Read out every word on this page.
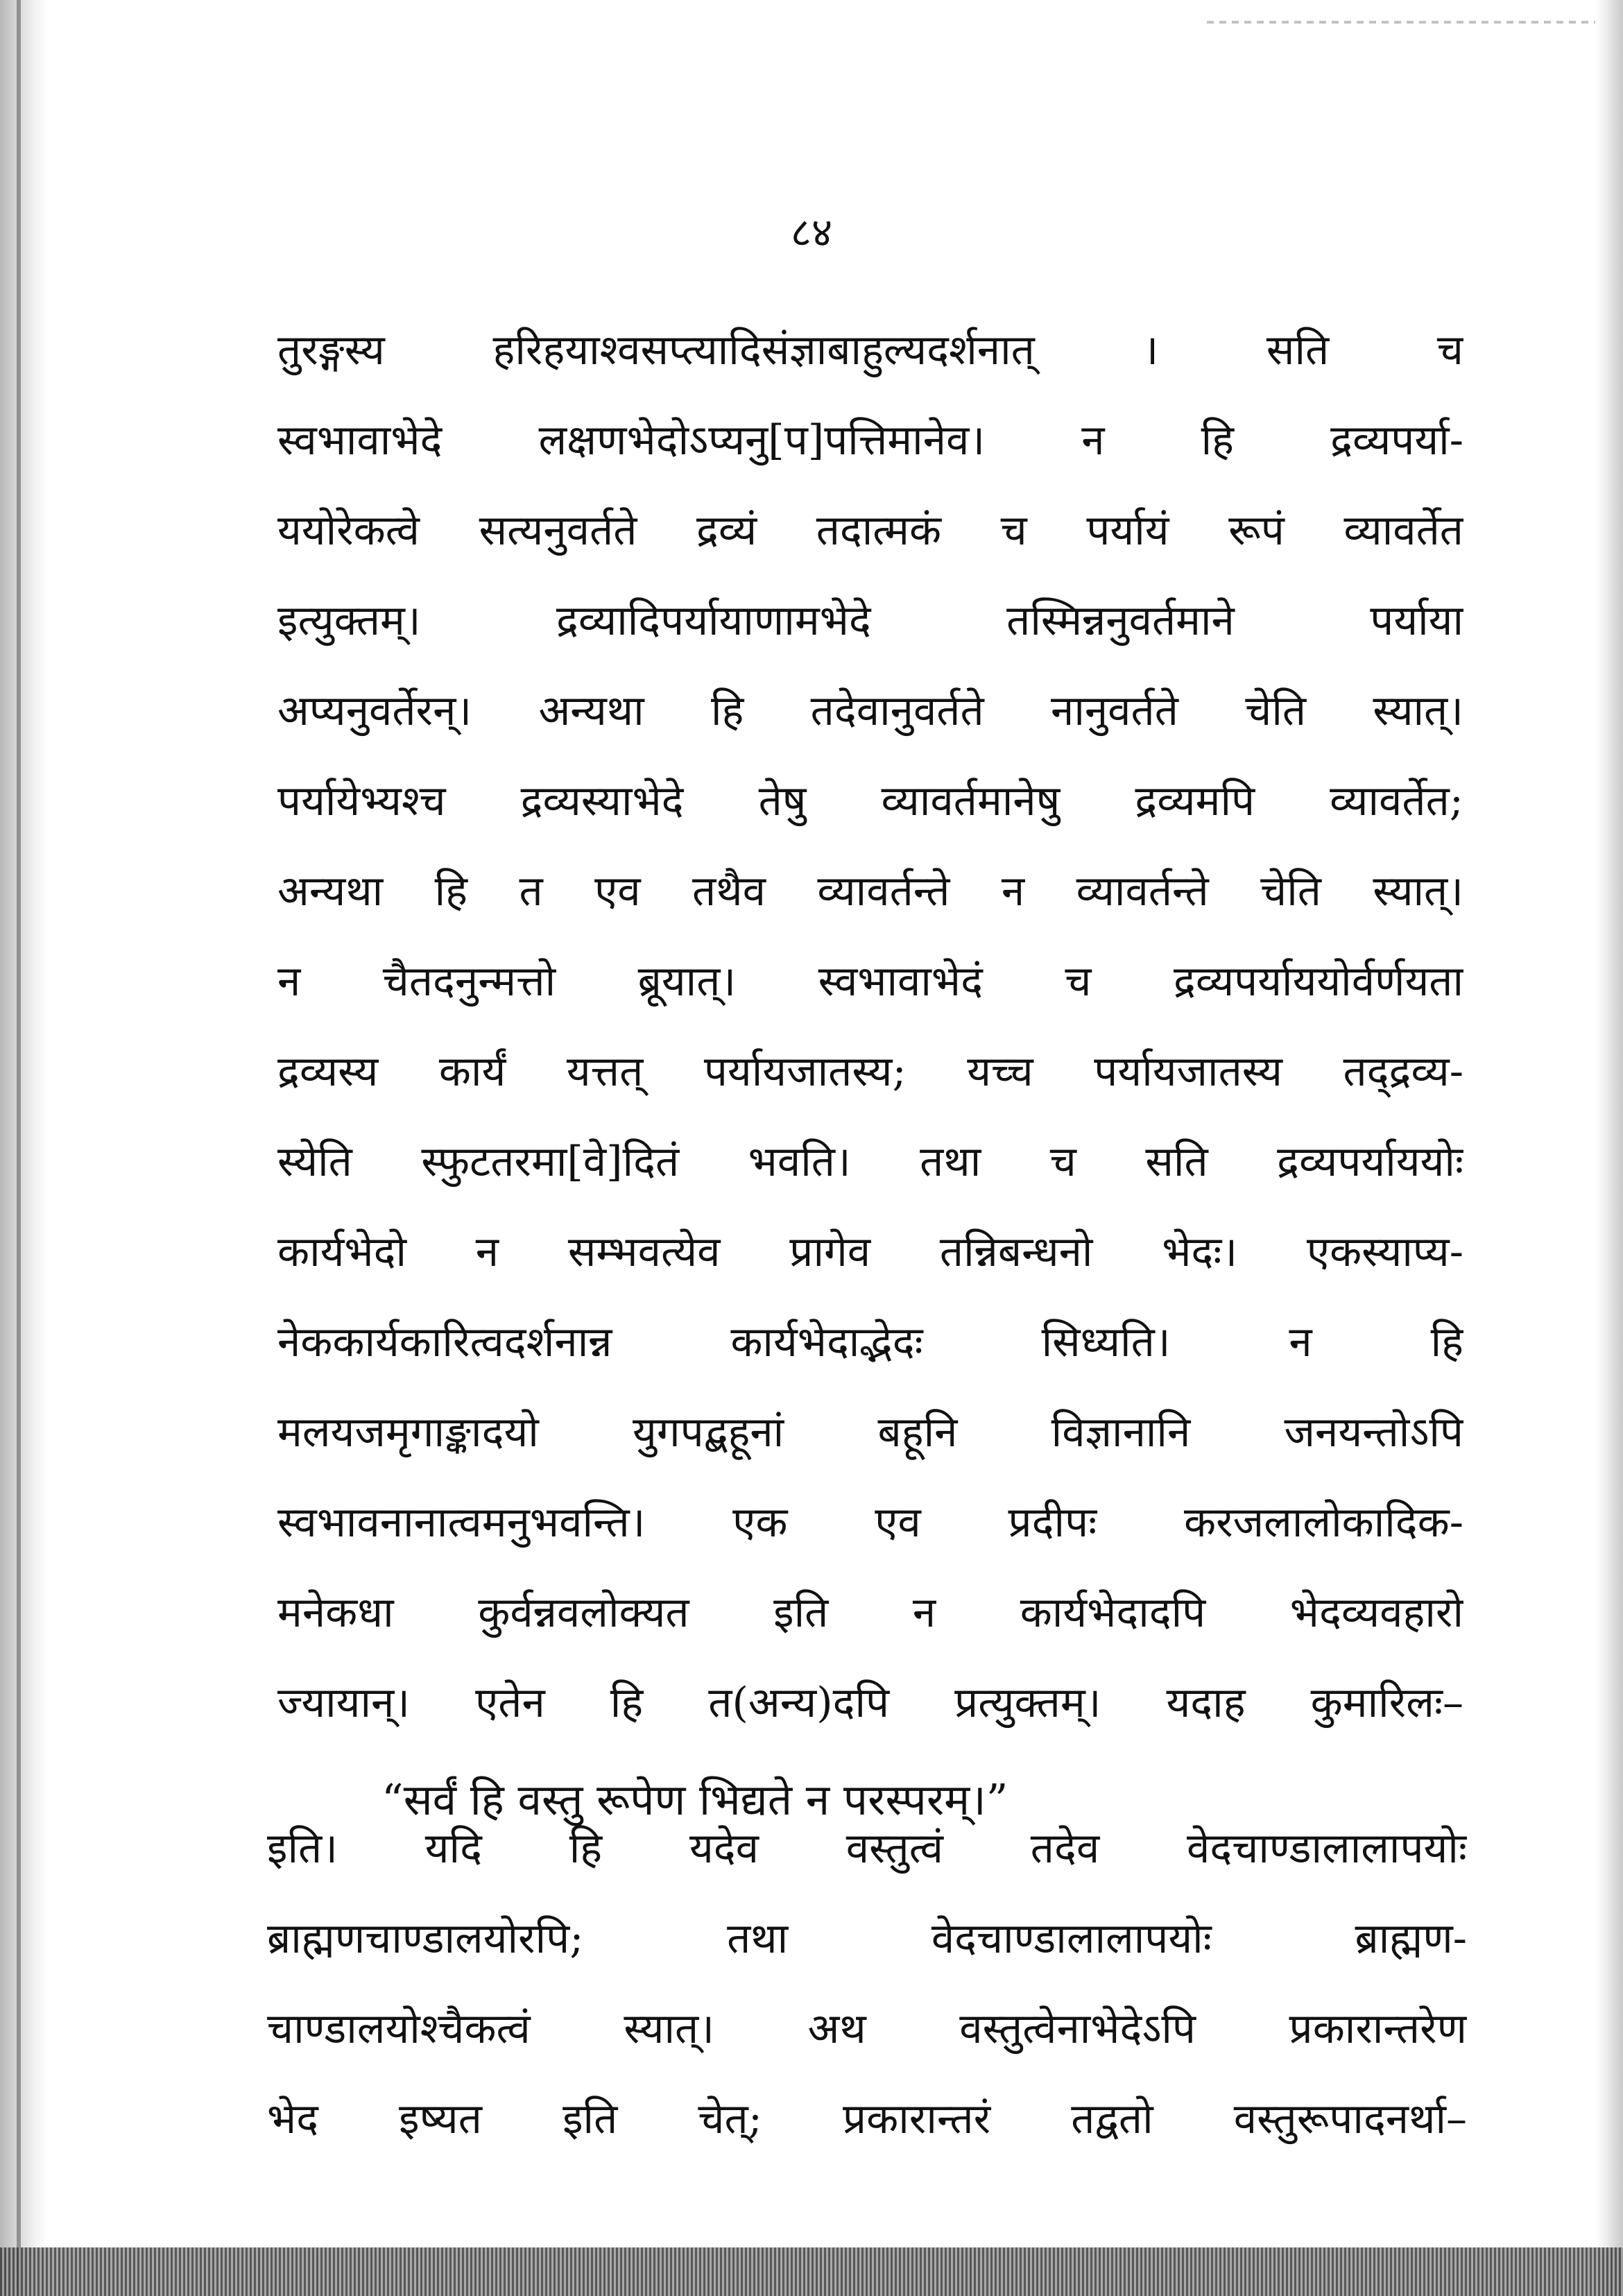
८४
तुरङ्गस्य हरिहयाश्वसप्त्यादिसंज्ञाबाहुल्यदर्शनात् । सति च
स्वभावाभेदे लक्षणभेदोऽप्यनु[प]पत्तिमानेव। न हि द्रव्यपर्या-
ययोरेकत्वे सत्यनुवर्तते द्रव्यं तदात्मकं च पर्यायं रूपं व्यावर्तेत
इत्युक्तम्। द्रव्यादिपर्यायाणामभेदे तस्मिन्ननुवर्तमाने पर्याया
अप्यनुवर्तेरन्। अन्यथा हि तदेवानुवर्तते नानुवर्तते चेति स्यात्।
पर्यायेभ्यश्च द्रव्यस्याभेदे तेषु व्यावर्तमानेषु द्रव्यमपि व्यावर्तेत;
अन्यथा हि त एव तथैव व्यावर्तन्ते न व्यावर्तन्ते चेति स्यात्।
न चैतदनुन्मत्तो ब्रूयात्। स्वभावाभेदं च द्रव्यपर्याययोर्वर्णयता
द्रव्यस्य कार्यं यत्तत् पर्यायजातस्य; यच्च पर्यायजातस्य तद्द्रव्य-
स्येति स्फुटतरमा[वे]दितं भवति। तथा च सति द्रव्यपर्याययोः
कार्यभेदो न सम्भवत्येव प्रागेव तन्निबन्धनो भेदः। एकस्याप्य-
नेककार्यकारित्वदर्शनान्न कार्यभेदाद्भेदः सिध्यति। न हि
मलयजमृगाङ्कादयो युगपद्बहूनां बहूनि विज्ञानानि जनयन्तोऽपि
स्वभावनानात्वमनुभवन्ति। एक एव प्रदीपः करजलालोकादिक-
मनेकधा कुर्वन्नवलोक्यत इति न कार्यभेदादपि भेदव्यवहारो
ज्यायान्। एतेन हि त(अन्य)दपि प्रत्युक्तम्। यदाह कुमारिलः–
“सर्वं हि वस्तु रूपेण भिद्यते न परस्परम्।”
इति। यदि हि यदेव वस्तुत्वं तदेव वेदचाण्डालालापयोः
ब्राह्मणचाण्डालयोरपि; तथा वेदचाण्डालालापयोः ब्राह्मण-
चाण्डालयोश्चैकत्वं स्यात्। अथ वस्तुत्वेनाभेदेऽपि प्रकारान्तरेण
भेद इष्यत इति चेत्; प्रकारान्तरं तद्वतो वस्तुरूपादनर्था–
